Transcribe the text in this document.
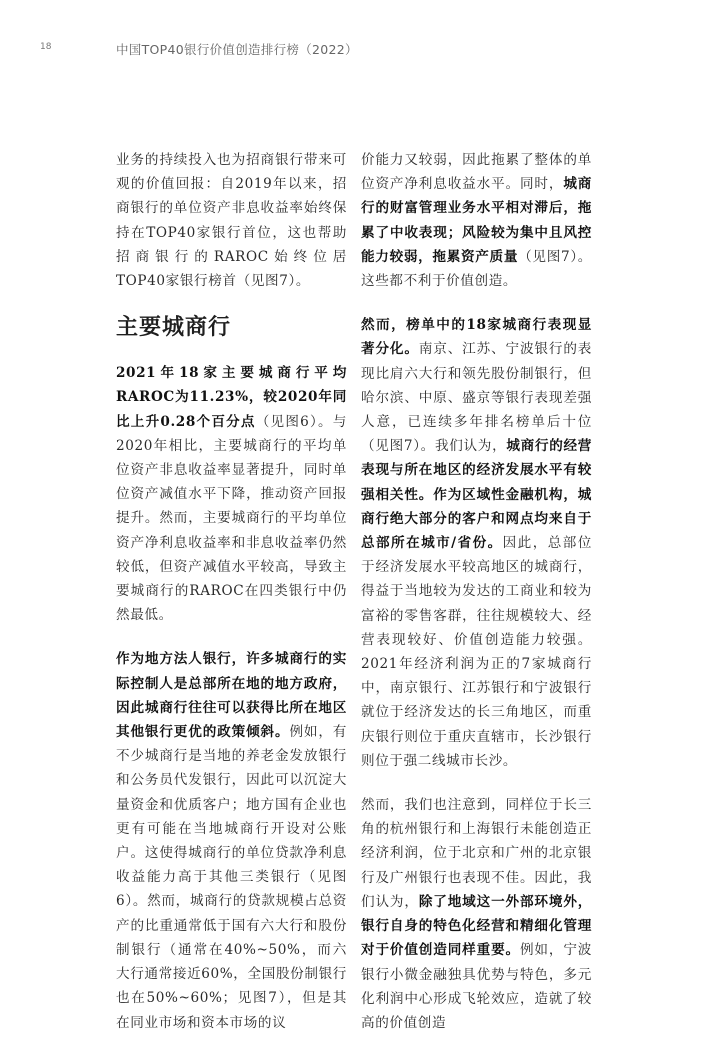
18	中国TOP40银行价值创造排行榜（2022）

业务的持续投入也为招商银行带来可观的价值回报：自2019年以来，招商银行的单位资产非息收益率始终保持在TOP40家银行首位，这也帮助招商银行的RAROC始终位居TOP40家银行榜首（见图7）。

主要城商行

2021年18家主要城商行平均RAROC为11.23%，较2020年同比上升0.28个百分点（见图6）。与2020年相比，主要城商行的平均单位资产非息收益率显著提升，同时单位资产减值水平下降，推动资产回报提升。然而，主要城商行的平均单位资产净利息收益率和非息收益率仍然较低，但资产减值水平较高，导致主要城商行的RAROC在四类银行中仍然最低。

作为地方法人银行，许多城商行的实际控制人是总部所在地的地方政府，因此城商行往往可以获得比所在地区其他银行更优的政策倾斜。例如，有不少城商行是当地的养老金发放银行和公务员代发银行，因此可以沉淀大量资金和优质客户；地方国有企业也更有可能在当地城商行开设对公账户。这使得城商行的单位贷款净利息收益能力高于其他三类银行（见图6）。然而，城商行的贷款规模占总资产的比重通常低于国有六大行和股份制银行（通常在40%~50%，而六大行通常接近60%，全国股份制银行也在50%~60%；见图7），但是其在同业市场和资本市场的议

价能力又较弱，因此拖累了整体的单位资产净利息收益水平。同时，城商行的财富管理业务水平相对滞后，拖累了中收表现；风险较为集中且风控能力较弱，拖累资产质量（见图7）。这些都不利于价值创造。

然而，榜单中的18家城商行表现显著分化。南京、江苏、宁波银行的表现比肩六大行和领先股份制银行，但哈尔滨、中原、盛京等银行表现差强人意，已连续多年排名榜单后十位（见图7）。我们认为，城商行的经营表现与所在地区的经济发展水平有较强相关性。作为区域性金融机构，城商行绝大部分的客户和网点均来自于总部所在城市/省份。因此，总部位于经济发展水平较高地区的城商行，得益于当地较为发达的工商业和较为富裕的零售客群，往往规模较大、经营表现较好、价值创造能力较强。2021年经济利润为正的7家城商行中，南京银行、江苏银行和宁波银行就位于经济发达的长三角地区，而重庆银行则位于重庆直辖市，长沙银行则位于强二线城市长沙。

然而，我们也注意到，同样位于长三角的杭州银行和上海银行未能创造正经济利润，位于北京和广州的北京银行及广州银行也表现不佳。因此，我们认为，除了地域这一外部环境外，银行自身的特色化经营和精细化管理对于价值创造同样重要。例如，宁波银行小微金融独具优势与特色，多元化利润中心形成飞轮效应，造就了较高的价值创造
